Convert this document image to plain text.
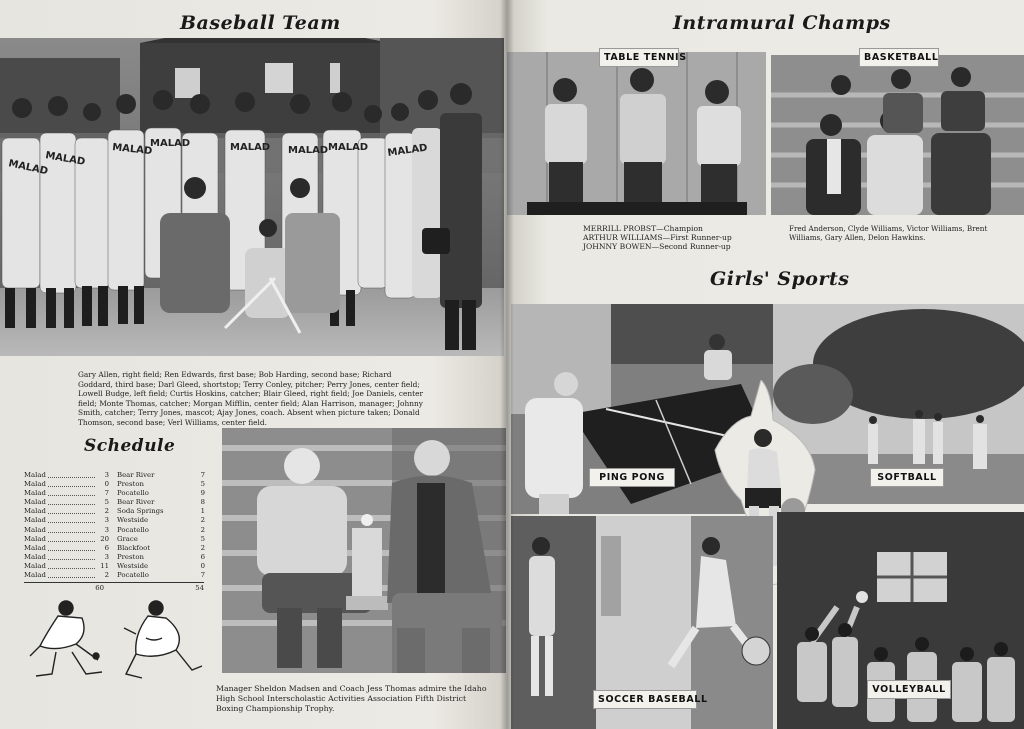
Baseball Team
MALAD
MALAD
MALAD
MALAD	MALAD MALAD MALAD MALAD
Gary Allen, right field; Ren Edwards, first base; Bob Harding, second base; Richard Goddard, third base; Darl Gleed, shortstop; Terry Conley, pitcher; Perry Jones, center field; Lowell Budge, left field; Curtis Hoskins, catcher; Blair Gleed, right field; Joe Daniels, center field; Monte Thomas, catcher; Morgan Mifflin, center field; Alan Harrison, manager; Johnny Smith, catcher; Terry Jones, mascot; Ajay Jones, coach. Absent when picture taken; Donald Thomson, second base; Verl Williams, center field.
Schedule
Malad	3 Bear River	7
Malad	0 Preston	5
Malad	7 Pocatello	9
Malad	5 Bear River	8
Malad	2 Soda Springs	1
Malad	3 Westside	2
Malad	3 Pocatello	2
Malad	20 Grace	5
Malad	6 Blackfoot	2
Malad	3 Preston	6
Malad	11 Westside	0
Malad	2 Pocatello	7
60	54
Manager Sheldon Madsen and Coach Jess Thomas admire the Idaho High School Interscholastic Activities Association Fifth District Boxing Championship Trophy.
Intramural Champs
TABLE TENNIS	BASKETBALL
MERRILL PROBST—Champion
ARTHUR WILLIAMS—First Runner-up
JOHNNY BOWEN—Second Runner-up
Fred Anderson, Clyde Williams, Victor Williams, Brent Williams, Gary Allen, Delon Hawkins.
Girls' Sports
PING PONG	SOFTBALL
SOCCER BASEBALL
VOLLEYBALL
